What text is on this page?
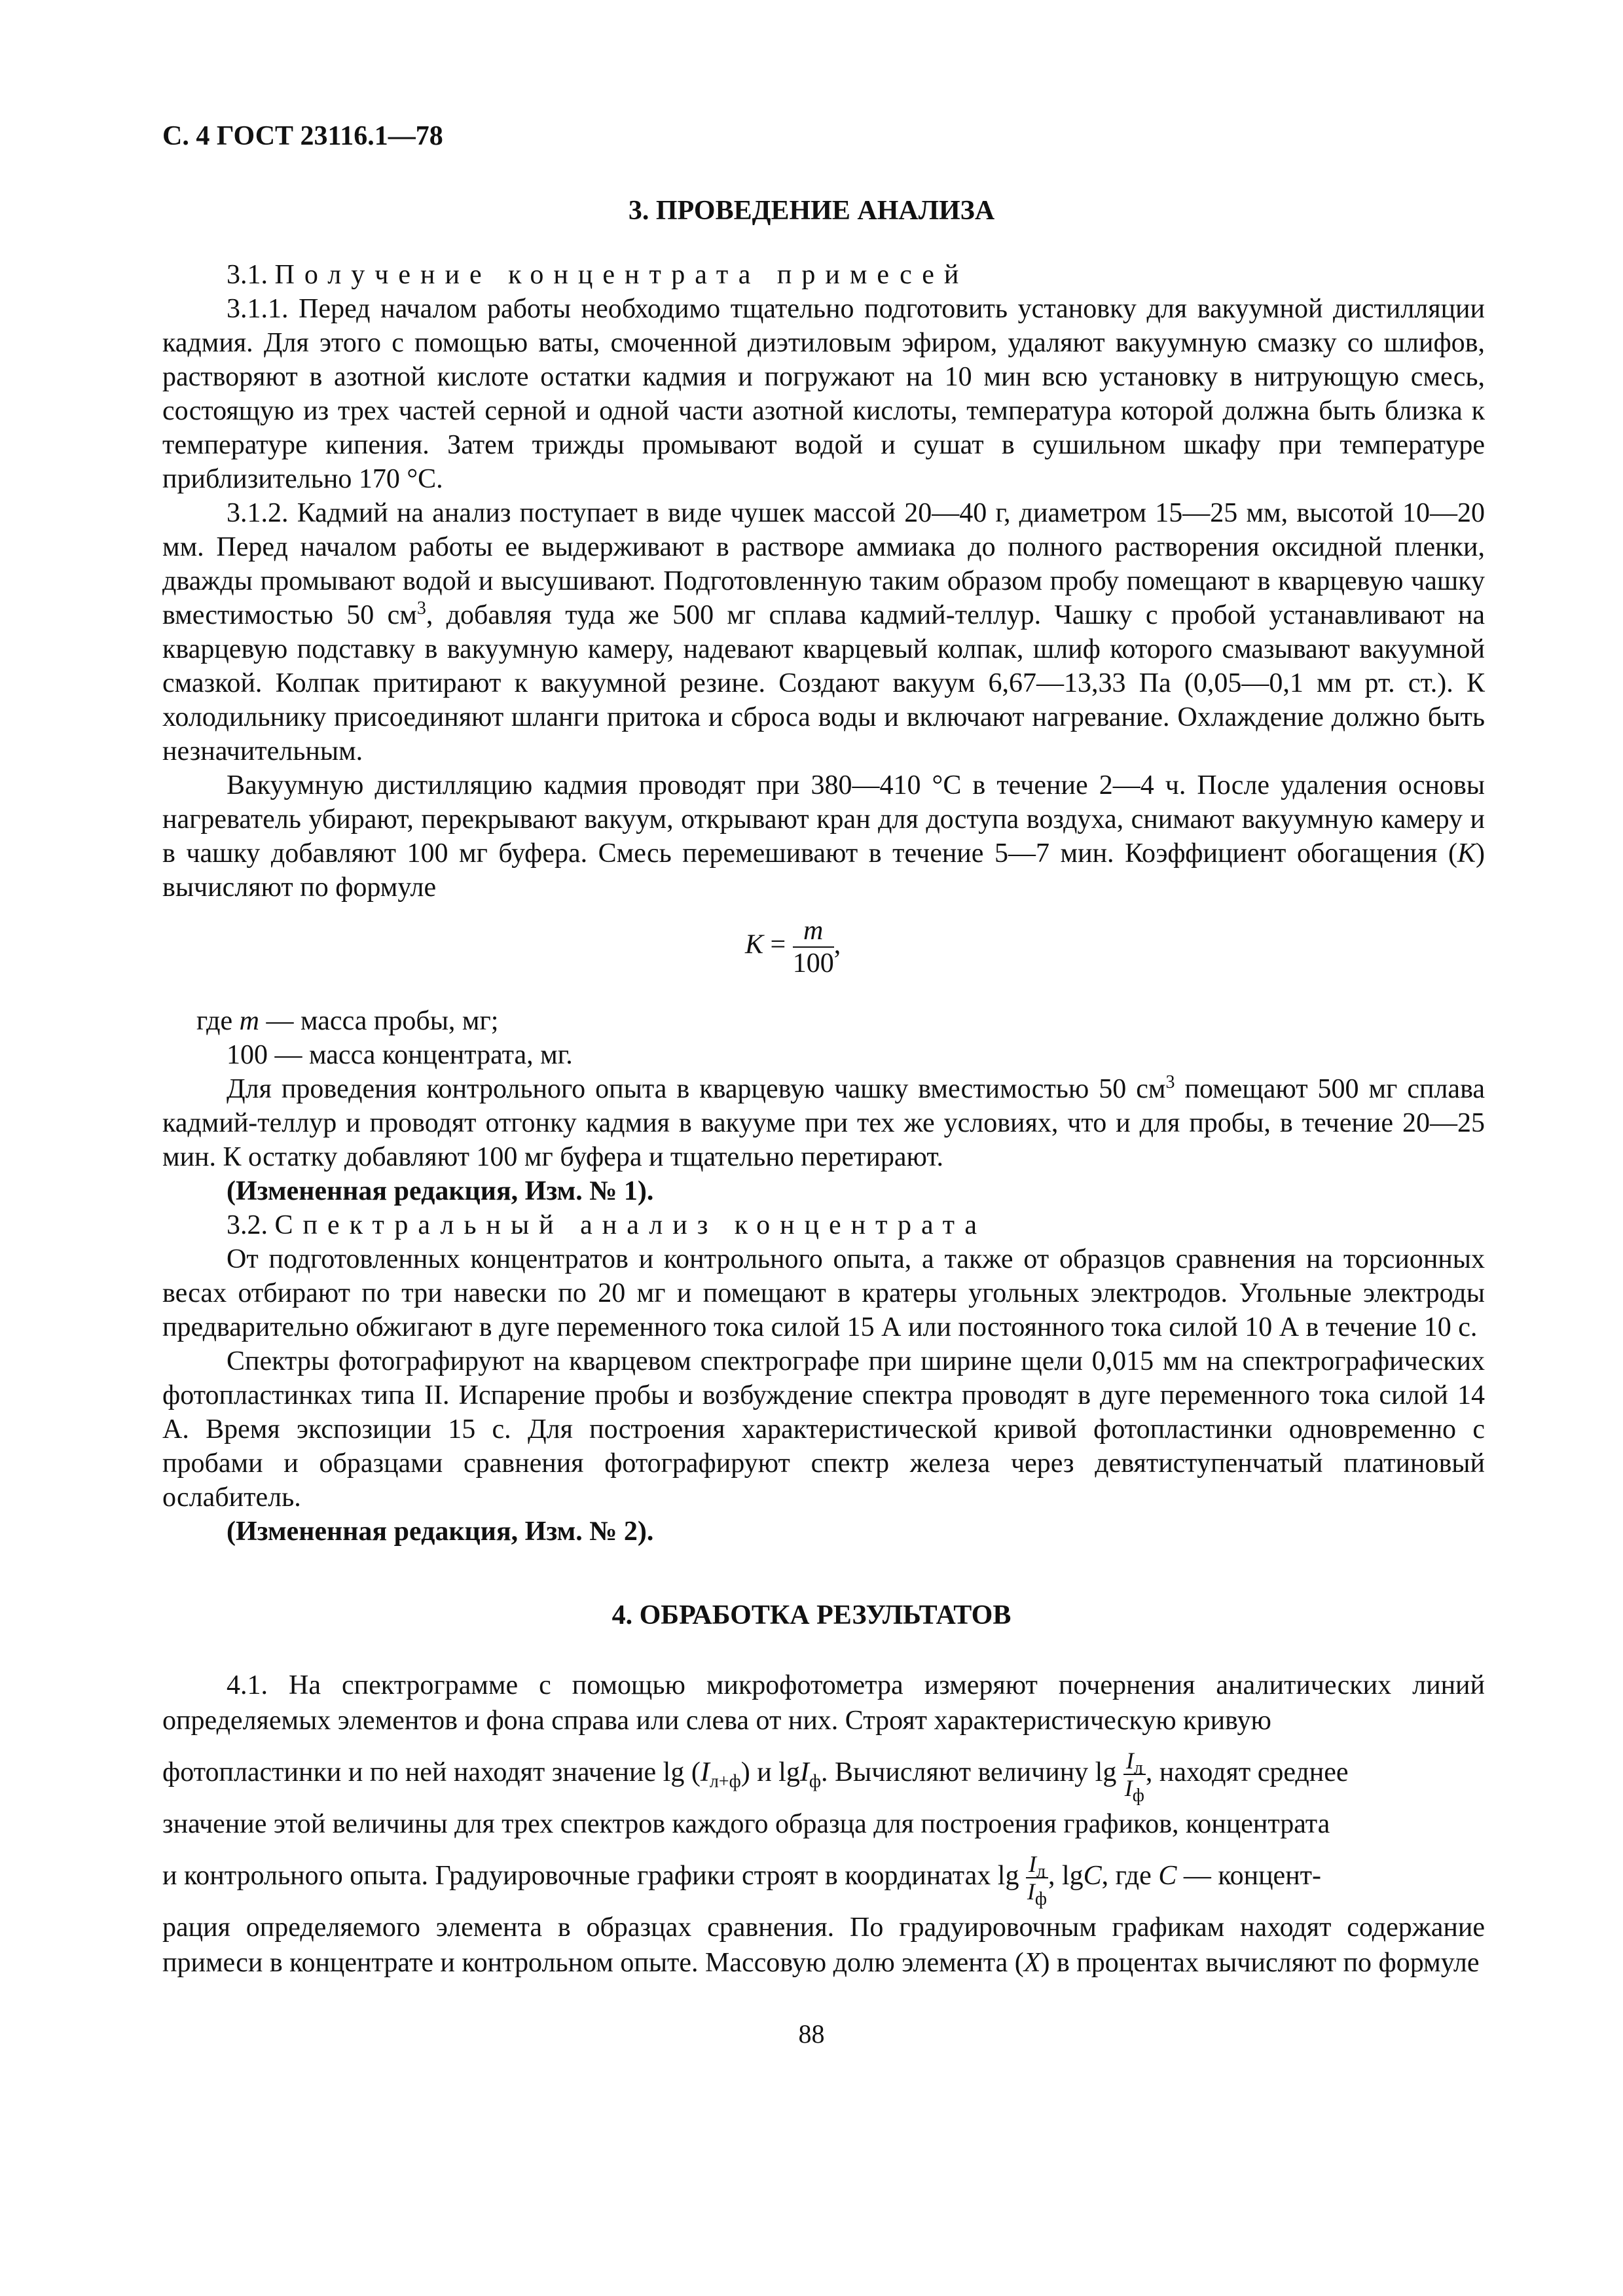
С. 4 ГОСТ 23116.1—78
3. ПРОВЕДЕНИЕ АНАЛИЗА

3.1. Получение концентрата примесей

3.1.1. Перед началом работы необходимо тщательно подготовить установку для вакуумной дистилляции кадмия. Для этого с помощью ваты, смоченной диэтиловым эфиром, удаляют вакуумную смазку со шлифов, растворяют в азотной кислоте остатки кадмия и погружают на 10 мин всю установку в нитрующую смесь, состоящую из трех частей серной и одной части азотной кислоты, температура которой должна быть близка к температуре кипения. Затем трижды промывают водой и сушат в сушильном шкафу при температуре приблизительно 170 °С.

3.1.2. Кадмий на анализ поступает в виде чушек массой 20—40 г, диаметром 15—25 мм, высотой 10—20 мм. Перед началом работы ее выдерживают в растворе аммиака до полного растворения оксидной пленки, дважды промывают водой и высушивают. Подготовленную таким образом пробу помещают в кварцевую чашку вместимостью 50 $см^3$, добавляя туда же 500 мг сплава кадмий-теллур. Чашку с пробой устанавливают на кварцевую подставку в вакуумную камеру, надевают кварцевый колпак, шлиф которого смазывают вакуумной смазкой. Колпак притирают к вакуумной резине. Создают вакуум 6,67—13,33 Па (0,05—0,1 мм рт. ст.). К холодильнику присоединяют шланги притока и сброса воды и включают нагревание. Охлаждение должно быть незначительным.

Вакуумную дистилляцию кадмия проводят при 380—410 °С в течение 2—4 ч. После удаления основы нагреватель убирают, перекрывают вакуум, открывают кран для доступа воздуха, снимают вакуумную камеру и в чашку добавляют 100 мг буфера. Смесь перемешивают в течение 5—7 мин. Коэффициент обогащения (K) вычисляют по формуле

$K = \frac{m}{100}$ ,
где m — масса пробы, мг;
100 — масса концентрата, мг.

Для проведения контрольного опыта в кварцевую чашку вместимостью 50 $см^3$ помещают 500 мг сплава кадмий-теллур и проводят отгонку кадмия в вакууме при тех же условиях, что и для пробы, в течение 20—25 мин. К остатку добавляют 100 мг буфера и тщательно перетирают.

(Измененная редакция, Изм. № 1).

3.2. Спектральный анализ концентрата

От подготовленных концентратов и контрольного опыта, а также от образцов сравнения на торсионных весах отбирают по три навески по 20 мг и помещают в кратеры угольных электродов. Угольные электроды предварительно обжигают в дуге переменного тока силой 15 А или постоянного тока силой 10 А в течение 10 с.

Спектры фотографируют на кварцевом спектрографе при ширине щели 0,015 мм на спектрографических фотопластинках типа II. Испарение пробы и возбуждение спектра проводят в дуге переменного тока силой 14 А. Время экспозиции 15 с. Для построения характеристической кривой фотопластинки одновременно с пробами и образцами сравнения фотографируют спектр железа через девятиступенчатый платиновый ослабитель.

(Измененная редакция, Изм. № 2).

4. ОБРАБОТКА РЕЗУЛЬТАТОВ

4.1. На спектрограмме с помощью микрофотометра измеряют почернения аналитических линий определяемых элементов и фона справа или слева от них. Строят характеристическую кривую

фотопластинки и по ней находят значение $\lg (I_{л+ф})$ и lgI$_ф$. Вычисляют величину $\lg \frac{I_л}{I_ф}$ , находят среднее
значение этой величины для трех спектров каждого образца для построения графиков, концентрата
и контрольного опыта. Градуировочные графики строят в координатах $\lg \frac{I_л}{I_ф}$ , lgC, где C — концент-

рация определяемого элемента в образцах сравнения. По градуировочным графикам находят содержание примеси в концентрате и контрольном опыте. Массовую долю элемента (X) в процентах вычисляют по формуле

88
